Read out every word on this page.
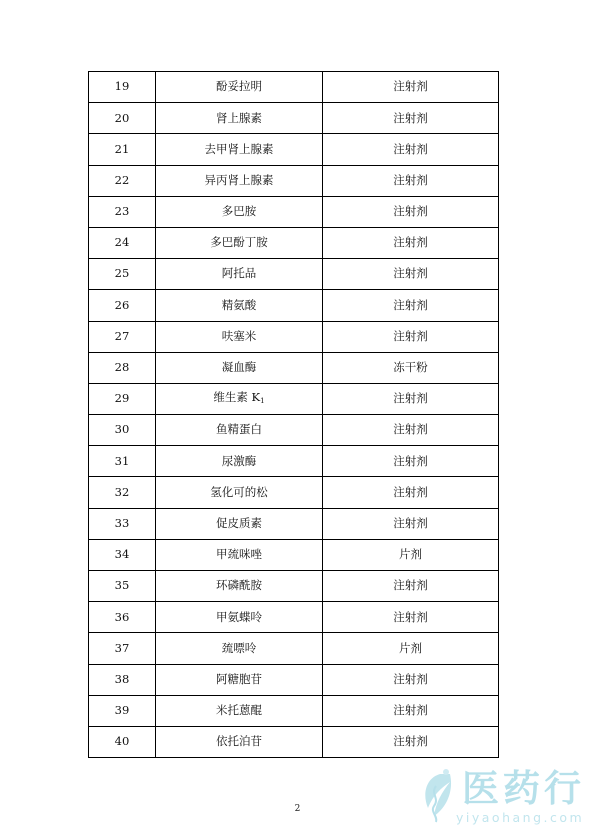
19	酚妥拉明	注射剂
20	肾上腺素	注射剂
21	去甲肾上腺素	注射剂
22	异丙肾上腺素	注射剂
23	多巴胺	注射剂
24	多巴酚丁胺	注射剂
25	阿托品	注射剂
26	精氨酸	注射剂
27	呋塞米	注射剂
28	凝血酶	冻干粉
29	维生素 $K_1$	注射剂
30	鱼精蛋白	注射剂
31	尿激酶	注射剂
32	氢化可的松	注射剂
33	促皮质素	注射剂
34	甲巯咪唑	片剂
35	环磷酰胺	注射剂
36	甲氨蝶呤	注射剂
37	巯嘌呤	片剂
38	阿糖胞苷	注射剂
39	米托蒽醌	注射剂
40	依托泊苷	注射剂
2	医药行
yiyaohang.com
